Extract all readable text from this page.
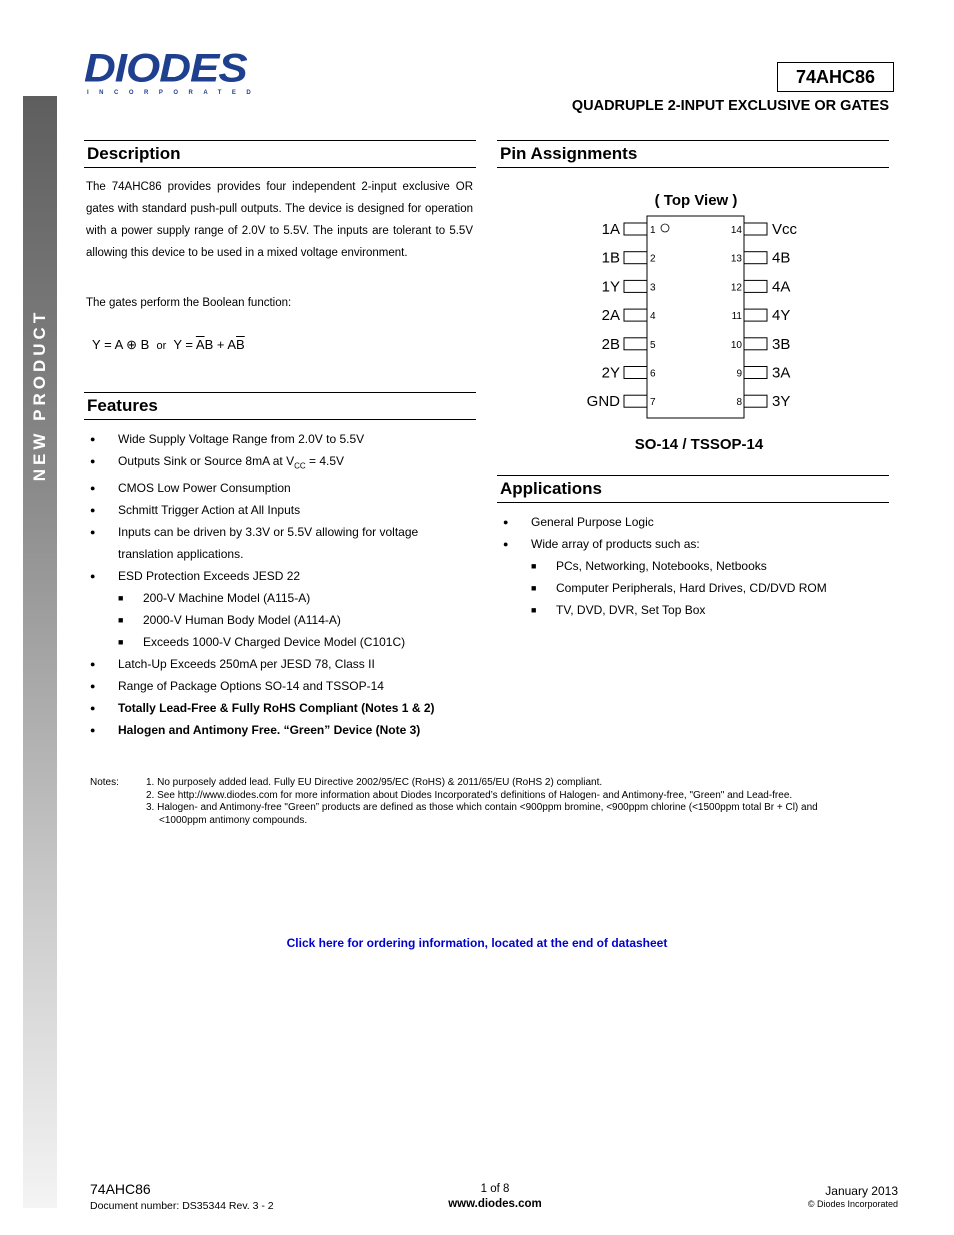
NEW PRODUCT
DIODES
INCORPORATED
74AHC86
QUADRUPLE 2-INPUT EXCLUSIVE OR GATES
Description
The 74AHC86 provides provides four independent 2-input exclusive OR gates with standard push-pull outputs. The device is designed for operation with a power supply range of 2.0V to 5.5V. The inputs are tolerant to 5.5V allowing this device to be used in a mixed voltage environment.
The gates perform the Boolean function:
Y = A ⊕ B or $Y = \overline{A}B + A\overline{B}$
Features
● Wide Supply Voltage Range from 2.0V to 5.5V
● Outputs Sink or Source 8mA at $V_{CC} = 4.5V$
● CMOS Low Power Consumption
● Schmitt Trigger Action at All Inputs
● Inputs can be driven by 3.3V or 5.5V allowing for voltage
translation applications.
● ESD Protection Exceeds JESD 22
■ 200-V Machine Model (A115-A)
■ 2000-V Human Body Model (A114-A)
■ Exceeds 1000-V Charged Device Model (C101C)
● Latch-Up Exceeds 250mA per JESD 78, Class II
● Range of Package Options SO-14 and TSSOP-14
● Totally Lead-Free & Fully RoHS Compliant (Notes 1 & 2)
● Halogen and Antimony Free. “Green” Device (Note 3)
Pin Assignments
( Top View )
1A	1
1B	2
1Y	3
2A	4
2B	5
2Y	6
GND	7
Vcc
14
4B
13
4A
12
4Y
11
3B
10
3A
9
3Y
8
SO-14 / TSSOP-14
Applications
● General Purpose Logic
● Wide array of products such as:
■ PCs, Networking, Notebooks, Netbooks
■ Computer Peripherals, Hard Drives, CD/DVD ROM
■ TV, DVD, DVR, Set Top Box
Notes:	1. No purposely added lead. Fully EU Directive 2002/95/EC (RoHS) & 2011/65/EU (RoHS 2) compliant.
2. See http://www.diodes.com for more information about Diodes Incorporated’s definitions of Halogen- and Antimony-free, "Green" and Lead-free.
3. Halogen- and Antimony-free "Green” products are defined as those which contain <900ppm bromine, <900ppm chlorine (<1500ppm total Br + Cl) and
<1000ppm antimony compounds.
Click here for ordering information, located at the end of datasheet
74AHC86
Document number: DS35344 Rev. 3 - 2
1 of 8
www.diodes.com
January 2013
© Diodes Incorporated
